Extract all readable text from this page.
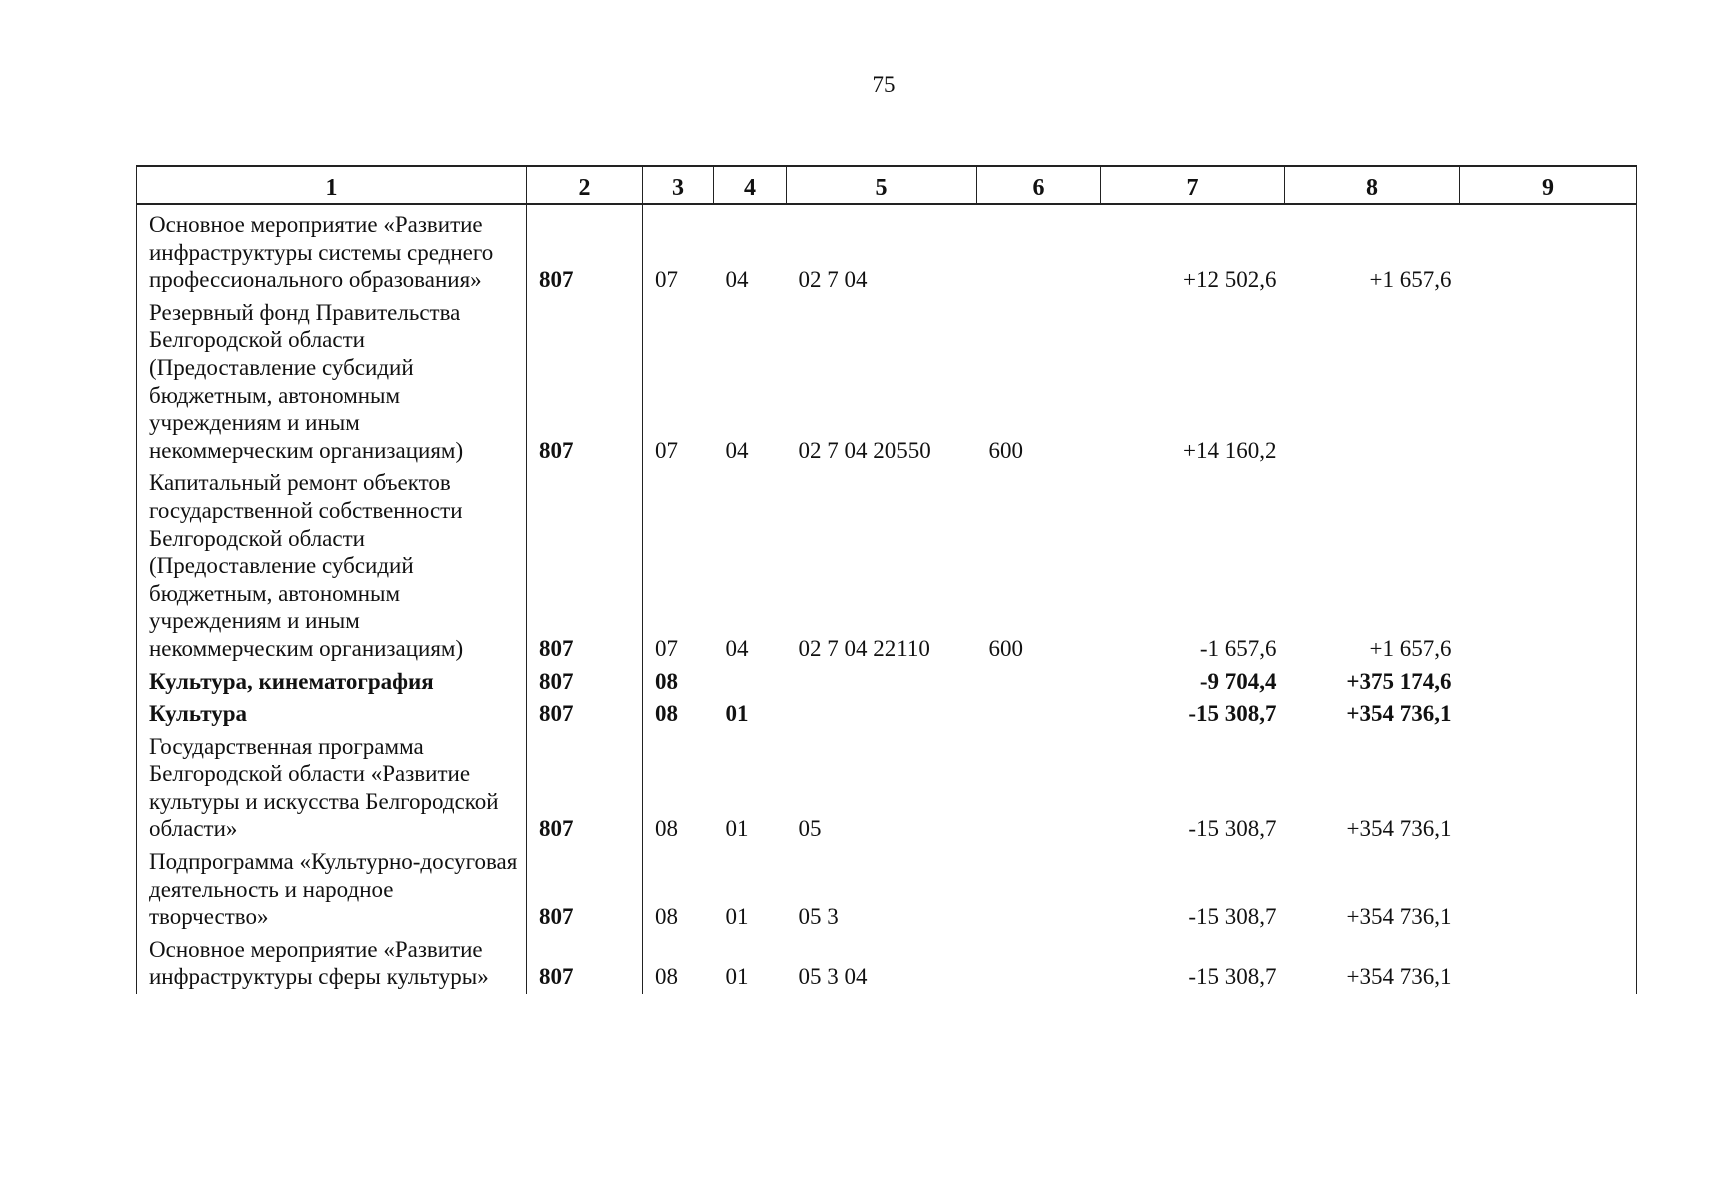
75
1	2	3	4	5	6	7	8	9
Основное мероприятие «Развитие инфраструктуры системы среднего профессионального образования»	807	07	04	02 7 04		+12 502,6	+1 657,6	
Резервный фонд Правительства Белгородской области (Предоставление субсидий бюджетным, автономным учреждениям и иным некоммерческим организациям)	807	07	04	02 7 04 20550	600	+14 160,2		
Капитальный ремонт объектов государственной собственности Белгородской области (Предоставление субсидий бюджетным, автономным учреждениям и иным некоммерческим организациям)	807	07	04	02 7 04 22110	600	-1 657,6	+1 657,6	
Культура, кинематография	807	08				-9 704,4	+375 174,6	
Культура	807	08	01			-15 308,7	+354 736,1	
Государственная программа Белгородской области «Развитие культуры и искусства Белгородской области»	807	08	01	05		-15 308,7	+354 736,1	
Подпрограмма «Культурно-досуговая деятельность и народное творчество»	807	08	01	05 3		-15 308,7	+354 736,1	
Основное мероприятие «Развитие инфраструктуры сферы культуры»	807	08	01	05 3 04		-15 308,7	+354 736,1	
